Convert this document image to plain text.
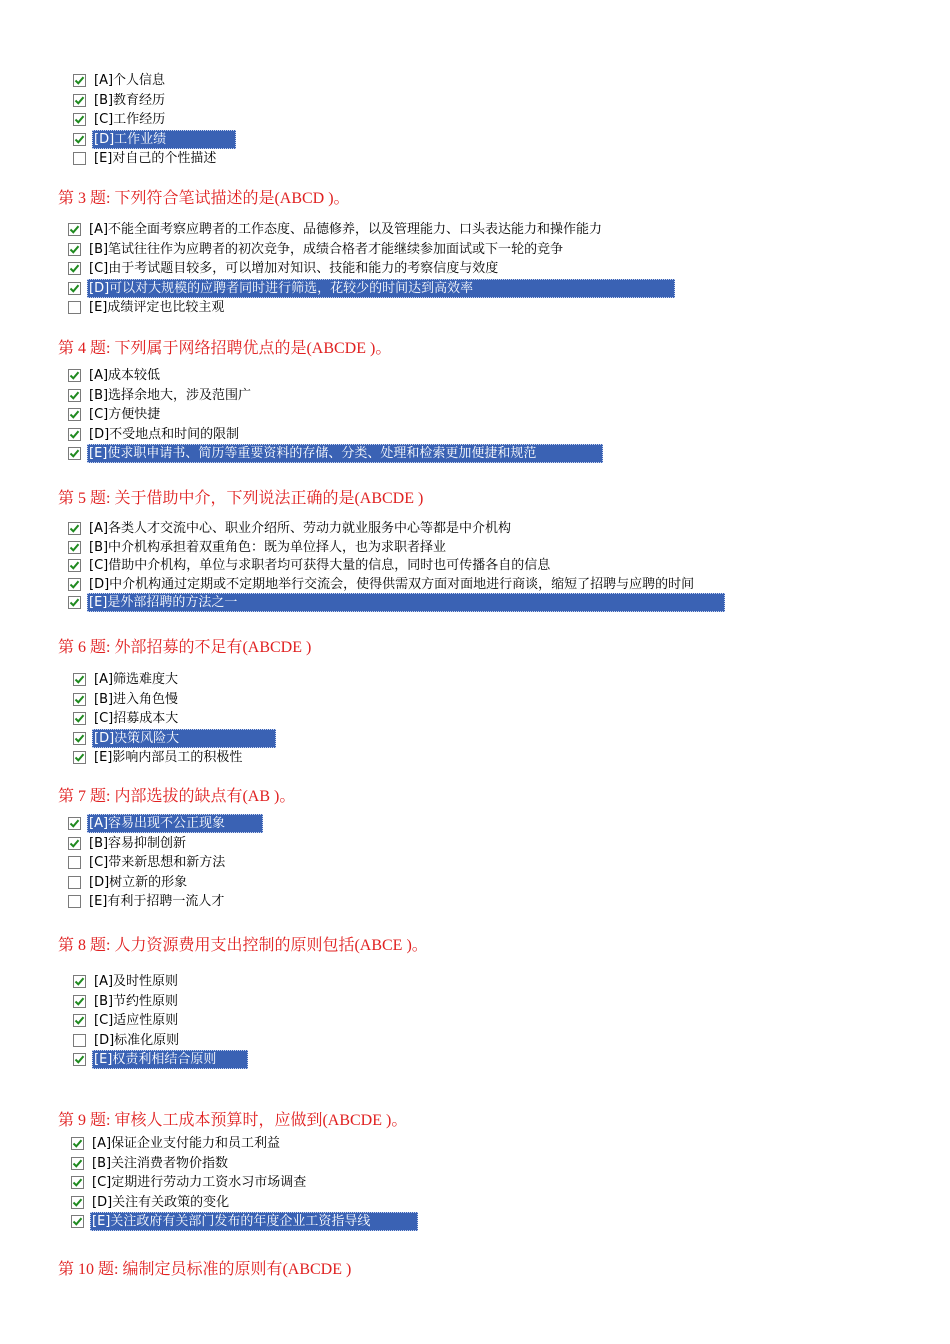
[A]个人信息
[B]教育经历
[C]工作经历
[D]工作业绩
[E]对自己的个性描述
第 3 题: 下列符合笔试描述的是(ABCD )。
[A]不能全面考察应聘者的工作态度、品德修养，以及管理能力、口头表达能力和操作能力
[B]笔试往往作为应聘者的初次竞争，成绩合格者才能继续参加面试或下一轮的竞争
[C]由于考试题目较多，可以增加对知识、技能和能力的考察信度与效度
[D]可以对大规模的应聘者同时进行筛选，花较少的时间达到高效率
[E]成绩评定也比较主观
第 4 题: 下列属于网络招聘优点的是(ABCDE )。
[A]成本较低
[B]选择余地大，涉及范围广
[C]方便快捷
[D]不受地点和时间的限制
[E]使求职申请书、简历等重要资料的存储、分类、处理和检索更加便捷和规范
第 5 题: 关于借助中介，下列说法正确的是(ABCDE )
[A]各类人才交流中心、职业介绍所、劳动力就业服务中心等都是中介机构
[B]中介机构承担着双重角色：既为单位择人，也为求职者择业
[C]借助中介机构，单位与求职者均可获得大量的信息，同时也可传播各自的信息
[D]中介机构通过定期或不定期地举行交流会，使得供需双方面对面地进行商谈，缩短了招聘与应聘的时间
[E]是外部招聘的方法之一
第 6 题: 外部招募的不足有(ABCDE )
[A]筛选难度大
[B]进入角色慢
[C]招募成本大
[D]决策风险大
[E]影响内部员工的积极性
第 7 题: 内部选拔的缺点有(AB )。
[A]容易出现不公正现象
[B]容易抑制创新
[C]带来新思想和新方法
[D]树立新的形象
[E]有利于招聘一流人才
第 8 题: 人力资源费用支出控制的原则包括(ABCE )。
[A]及时性原则
[B]节约性原则
[C]适应性原则
[D]标准化原则
[E]权责利相结合原则
第 9 题: 审核人工成本预算时，应做到(ABCDE )。
[A]保证企业支付能力和员工利益
[B]关注消费者物价指数
[C]定期进行劳动力工资水习市场调查
[D]关注有关政策的变化
[E]关注政府有关部门发布的年度企业工资指导线
第 10 题: 编制定员标准的原则有(ABCDE )
